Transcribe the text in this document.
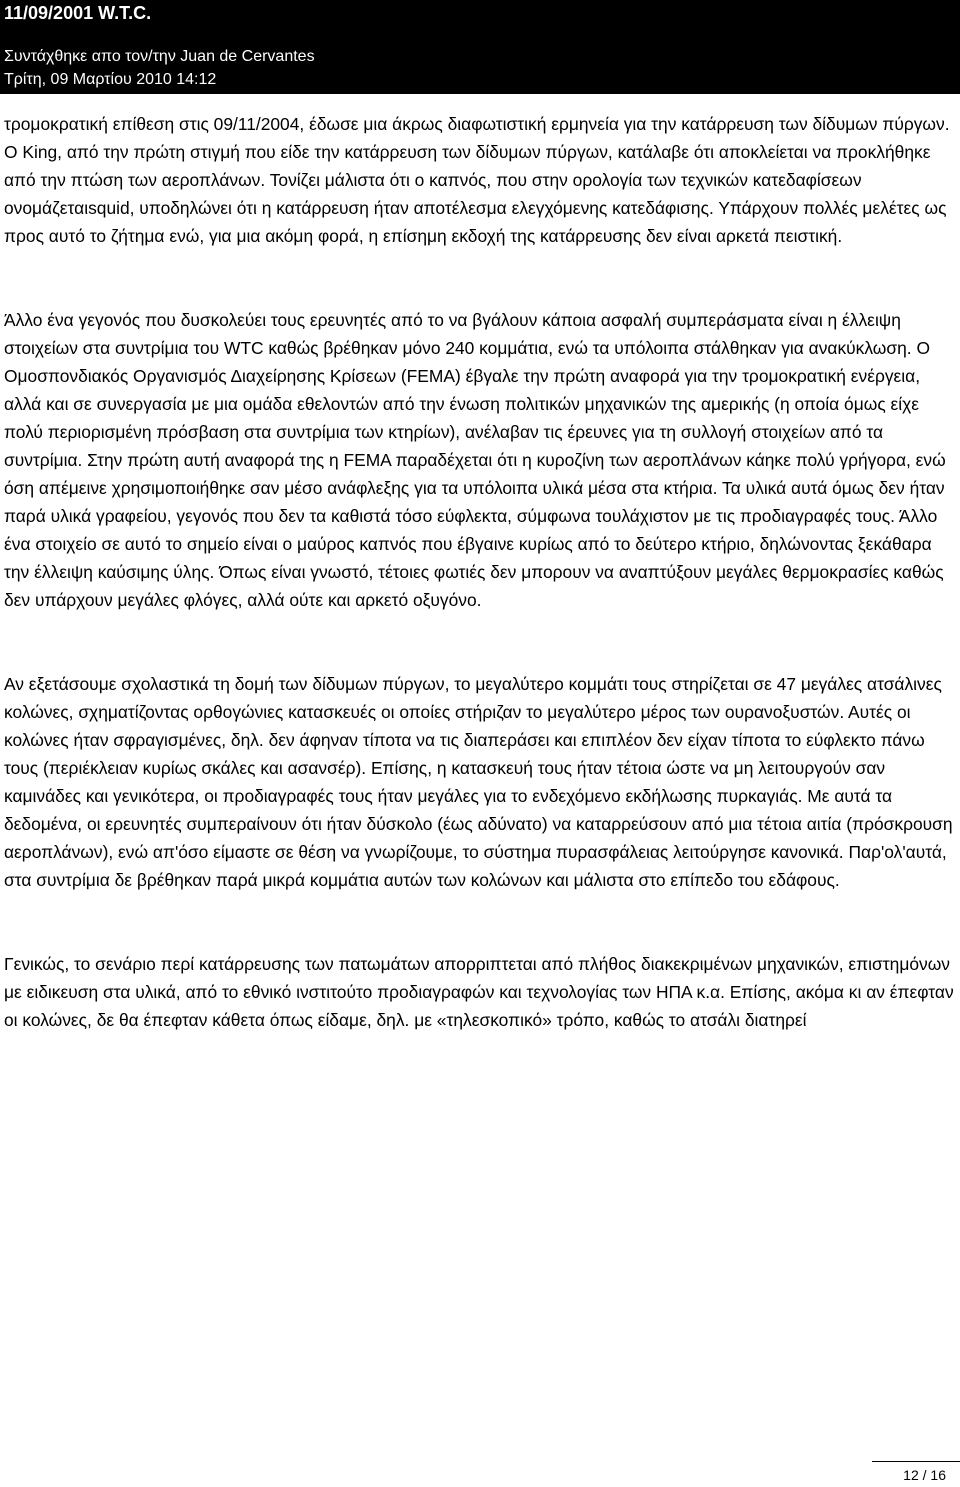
11/09/2001 W.T.C.
Συντάχθηκε απο τον/την Juan de Cervantes
Τρίτη, 09 Μαρτίου 2010 14:12

τρομοκρατική επίθεση στις 09/11/2004, έδωσε μια άκρως διαφωτιστική ερμηνεία για την κατάρρευση των δίδυμων πύργων. Ο King, από την πρώτη στιγμή που είδε την κατάρρευση των δίδυμων πύργων, κατάλαβε ότι αποκλείεται να προκλήθηκε από την πτώση των αεροπλάνων. Τονίζει μάλιστα ότι ο καπνός, που στην ορολογία των τεχνικών κατεδαφίσεων ονομάζεταιsquid, υποδηλώνει ότι η κατάρρευση ήταν αποτέλεσμα ελεγχόμενης κατεδάφισης. Υπάρχουν πολλές μελέτες ως προς αυτό το ζήτημα ενώ, για μια ακόμη φορά, η επίσημη εκδοχή της κατάρρευσης δεν είναι αρκετά πειστική.

Άλλο ένα γεγονός που δυσκολεύει τους ερευνητές από το να βγάλουν κάποια ασφαλή συμπεράσματα είναι η έλλειψη στοιχείων στα συντρίμια του WTC καθώς βρέθηκαν μόνο 240 κομμάτια, ενώ τα υπόλοιπα στάλθηκαν για ανακύκλωση. Ο Ομοσπονδιακός Οργανισμός Διαχείρησης Κρίσεων (FEMA) έβγαλε την πρώτη αναφορά για την τρομοκρατική ενέργεια, αλλά και σε συνεργασία με μια ομάδα εθελοντών από την ένωση πολιτικών μηχανικών της αμερικής (η οποία όμως είχε πολύ περιορισμένη πρόσβαση στα συντρίμια των κτηρίων), ανέλαβαν τις έρευνες για τη συλλογή στοιχείων από τα συντρίμια. Στην πρώτη αυτή αναφορά της η FEMA παραδέχεται ότι η κυροζίνη των αεροπλάνων κάηκε πολύ γρήγορα, ενώ όση απέμεινε χρησιμοποιήθηκε σαν μέσο ανάφλεξης για τα υπόλοιπα υλικά μέσα στα κτήρια. Τα υλικά αυτά όμως δεν ήταν παρά υλικά γραφείου, γεγονός που δεν τα καθιστά τόσο εύφλεκτα, σύμφωνα τουλάχιστον με τις προδιαγραφές τους. Άλλο ένα στοιχείο σε αυτό το σημείο είναι ο μαύρος καπνός που έβγαινε κυρίως από το δεύτερο κτήριο, δηλώνοντας ξεκάθαρα την έλλειψη καύσιμης ύλης. Όπως είναι γνωστό, τέτοιες φωτιές δεν μπορουν να αναπτύξουν μεγάλες θερμοκρασίες καθώς δεν υπάρχουν μεγάλες φλόγες, αλλά ούτε και αρκετό οξυγόνο.

Αν εξετάσουμε σχολαστικά τη δομή των δίδυμων πύργων, το μεγαλύτερο κομμάτι τους στηρίζεται σε 47 μεγάλες ατσάλινες κολώνες, σχηματίζοντας ορθογώνιες κατασκευές οι οποίες στήριζαν το μεγαλύτερο μέρος των ουρανοξυστών. Αυτές οι κολώνες ήταν σφραγισμένες, δηλ. δεν άφηναν τίποτα να τις διαπεράσει και επιπλέον δεν είχαν τίποτα το εύφλεκτο πάνω τους (περιέκλειαν κυρίως σκάλες και ασανσέρ). Επίσης, η κατασκευή τους ήταν τέτοια ώστε να μη λειτουργούν σαν καμινάδες και γενικότερα, οι προδιαγραφές τους ήταν μεγάλες για το ενδεχόμενο εκδήλωσης πυρκαγιάς. Με αυτά τα δεδομένα, οι ερευνητές συμπεραίνουν ότι ήταν δύσκολο (έως αδύνατο) να καταρρεύσουν από μια τέτοια αιτία (πρόσκρουση αεροπλάνων), ενώ απ'όσο είμαστε σε θέση να γνωρίζουμε, το σύστημα πυρασφάλειας λειτούργησε κανονικά. Παρ'ολ'αυτά, στα συντρίμια δε βρέθηκαν παρά μικρά κομμάτια αυτών των κολώνων και μάλιστα στο επίπεδο του εδάφους.

Γενικώς, το σενάριο περί κατάρρευσης των πατωμάτων απορριπτεται από πλήθος διακεκριμένων μηχανικών, επιστημόνων με ειδικευση στα υλικά, από το εθνικό ινστιτούτο προδιαγραφών και τεχνολογίας των ΗΠΑ κ.α. Επίσης, ακόμα κι αν έπεφταν οι κολώνες, δε θα έπεφταν κάθετα όπως είδαμε, δηλ. με «τηλεσκοπικό» τρόπο, καθώς το ατσάλι διατηρεί

12 / 16
